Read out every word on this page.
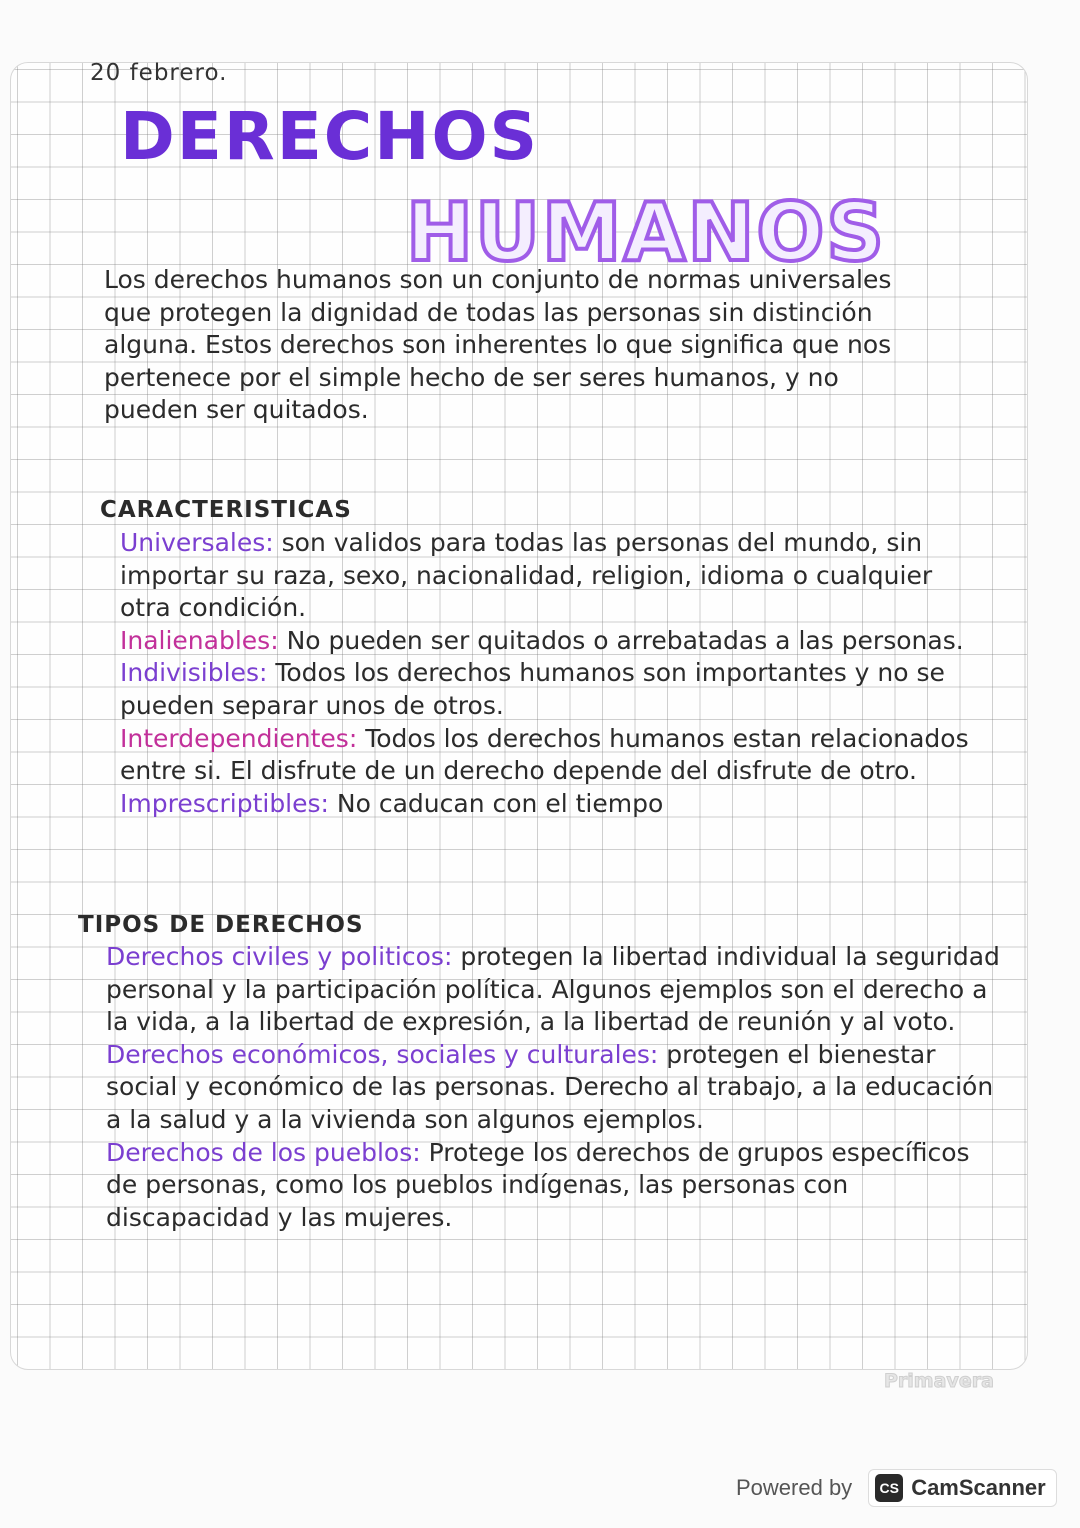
20 febrero.
DERECHOS
HUMANOS

Los derechos humanos son un conjunto de normas universales que protegen la dignidad de todas las personas sin distinción alguna. Estos derechos son inherentes lo que significa que nos pertenece por el simple hecho de ser seres humanos, y no pueden ser quitados.

CARACTERISTICAS

Universales: son validos para todas las personas del mundo, sin importar su raza, sexo, nacionalidad, religion, idioma o cualquier otra condición.

Inalienables: No pueden ser quitados o arrebatadas a las personas.

Indivisibles: Todos los derechos humanos son importantes y no se pueden separar unos de otros.

Interdependientes: Todos los derechos humanos estan relacionados entre si. El disfrute de un derecho depende del disfrute de otro.

Imprescriptibles: No caducan con el tiempo

TIPOS DE DERECHOS

Derechos civiles y politicos: protegen la libertad individual la seguridad personal y la participación política. Algunos ejemplos son el derecho a la vida, a la libertad de expresión, a la libertad de reunión y al voto.

Derechos económicos, sociales y culturales: protegen el bienestar social y económico de las personas. Derecho al trabajo, a la educación a la salud y a la vivienda son algunos ejemplos.

Derechos de los pueblos: Protege los derechos de grupos específicos de personas, como los pueblos indígenas, las personas con discapacidad y las mujeres.

Primavera
Powered by	CS CamScanner
